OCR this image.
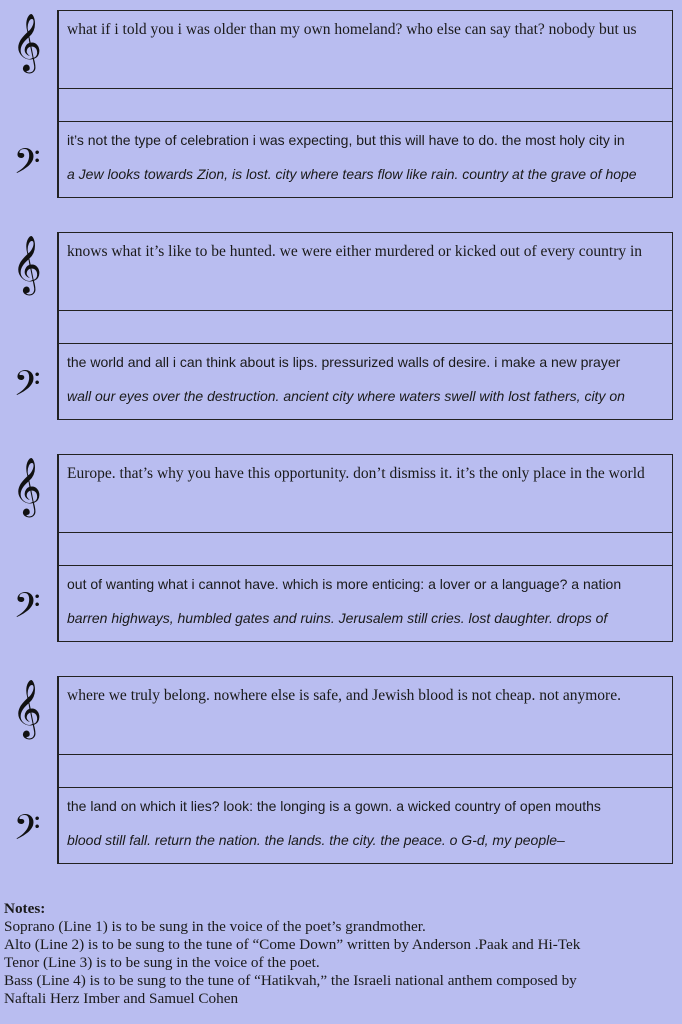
𝄞
𝄢
what if i told you i was older than my own homeland? who else can say that? nobody but us
it’s not the type of celebration i was expecting, but this will have to do. the most holy city in
a Jew looks towards Zion, is lost. city where tears flow like rain. country at the grave of hope
𝄞
𝄢
knows what it’s like to be hunted. we were either murdered or kicked out of every country in
the world and all i can think about is lips. pressurized walls of desire. i make a new prayer
wall our eyes over the destruction. ancient city where waters swell with lost fathers, city on
𝄞
𝄢
Europe. that’s why you have this opportunity. don’t dismiss it. it’s the only place in the world
out of wanting what i cannot have. which is more enticing: a lover or a language? a nation
barren highways, humbled gates and ruins. Jerusalem still cries. lost daughter. drops of
𝄞
𝄢
where we truly belong. nowhere else is safe, and Jewish blood is not cheap. not anymore.
the land on which it lies? look: the longing is a gown. a wicked country of open mouths
blood still fall. return the nation. the lands. the city. the peace. o G-d, my people–
Notes:
Soprano (Line 1) is to be sung in the voice of the poet’s grandmother.
Alto (Line 2) is to be sung to the tune of “Come Down” written by Anderson .Paak and Hi-Tek
Tenor (Line 3) is to be sung in the voice of the poet.
Bass (Line 4) is to be sung to the tune of “Hatikvah,” the Israeli national anthem composed by
Naftali Herz Imber and Samuel Cohen
